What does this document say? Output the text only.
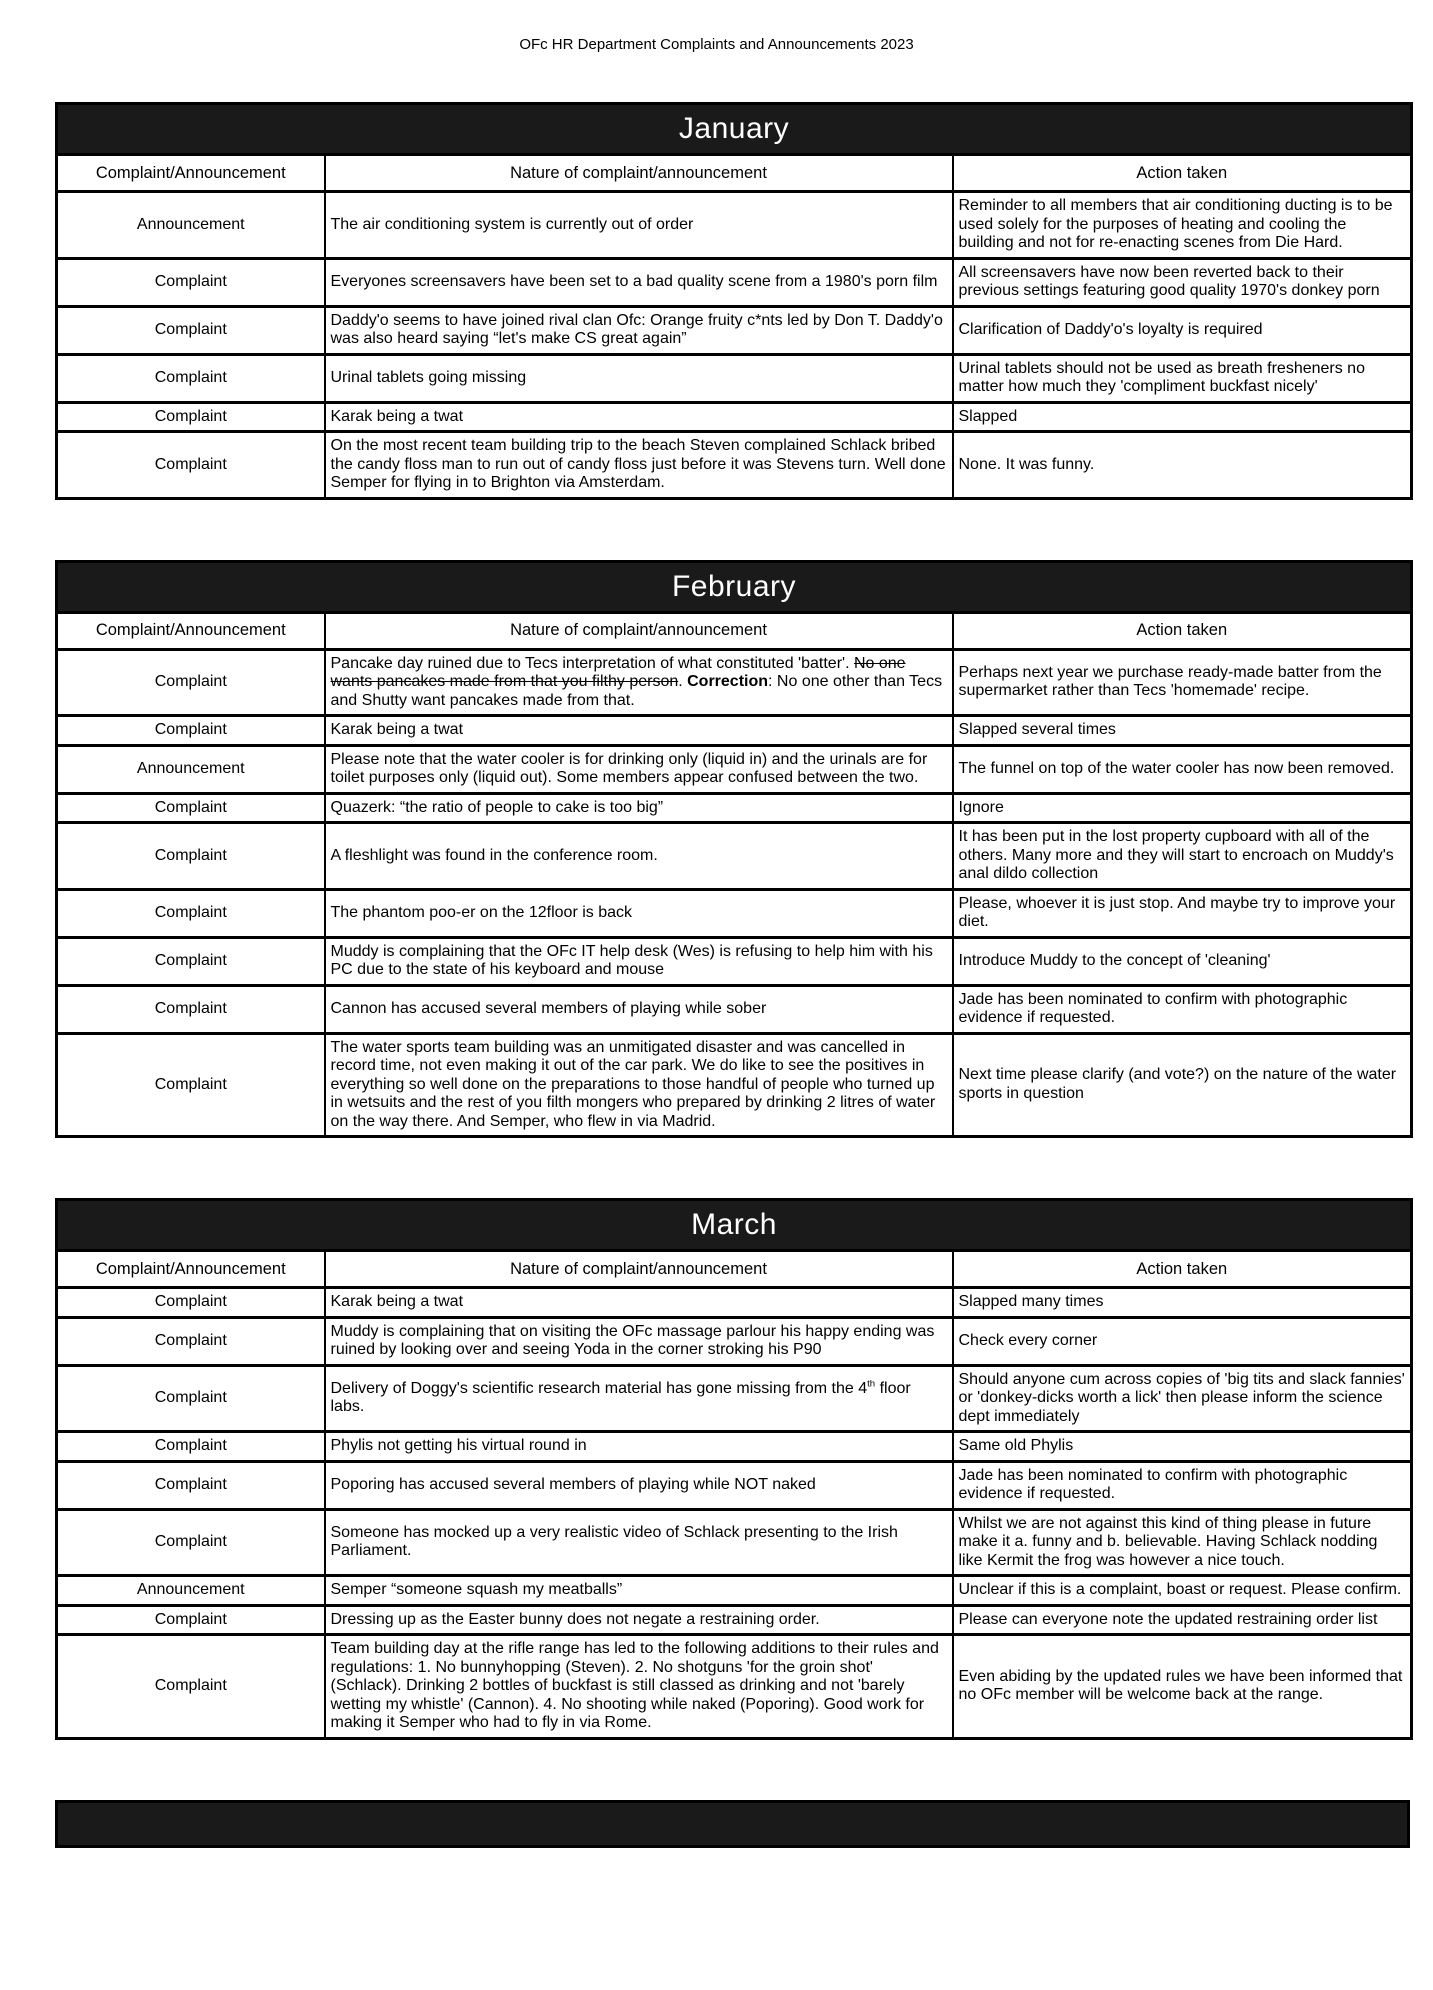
OFc HR Department Complaints and Announcements 2023
January		
Complaint/Announcement	Nature of complaint/announcement	Action taken
Announcement	The air conditioning system is currently out of order	Reminder to all members that air conditioning ducting is to be used solely for the purposes of heating and cooling the building and not for re-enacting scenes from Die Hard.
Complaint	Everyones screensavers have been set to a bad quality scene from a 1980's porn film	All screensavers have now been reverted back to their previous settings featuring good quality 1970's donkey porn
Complaint	Daddy'o seems to have joined rival clan Ofc: Orange fruity c*nts led by Don T. Daddy'o was also heard saying “let's make CS great again”	Clarification of Daddy'o's loyalty is required
Complaint	Urinal tablets going missing	Urinal tablets should not be used as breath fresheners no matter how much they 'compliment buckfast nicely'
Complaint	Karak being a twat	Slapped
Complaint	On the most recent team building trip to the beach Steven complained Schlack bribed the candy floss man to run out of candy floss just before it was Stevens turn. Well done Semper for flying in to Brighton via Amsterdam.	None. It was funny.
February		
Complaint/Announcement	Nature of complaint/announcement	Action taken
Complaint	Pancake day ruined due to Tecs interpretation of what constituted 'batter'. No one wants pancakes made from that you filthy person. Correction: No one other than Tecs and Shutty want pancakes made from that.	Perhaps next year we purchase ready-made batter from the supermarket rather than Tecs 'homemade' recipe.
Complaint	Karak being a twat	Slapped several times
Announcement	Please note that the water cooler is for drinking only (liquid in) and the urinals are for toilet purposes only (liquid out). Some members appear confused between the two.	The funnel on top of the water cooler has now been removed.
Complaint	Quazerk: “the ratio of people to cake is too big”	Ignore
Complaint	A fleshlight was found in the conference room.	It has been put in the lost property cupboard with all of the others. Many more and they will start to encroach on Muddy's anal dildo collection
Complaint	The phantom poo-er on the 12floor is back	Please, whoever it is just stop. And maybe try to improve your diet.
Complaint	Muddy is complaining that the OFc IT help desk (Wes) is refusing to help him with his PC due to the state of his keyboard and mouse	Introduce Muddy to the concept of 'cleaning'
Complaint	Cannon has accused several members of playing while sober	Jade has been nominated to confirm with photographic evidence if requested.
Complaint	The water sports team building was an unmitigated disaster and was cancelled in record time, not even making it out of the car park. We do like to see the positives in everything so well done on the preparations to those handful of people who turned up in wetsuits and the rest of you filth mongers who prepared by drinking 2 litres of water on the way there. And Semper, who flew in via Madrid.	Next time please clarify (and vote?) on the nature of the water sports in question
March		
Complaint/Announcement	Nature of complaint/announcement	Action taken
Complaint	Karak being a twat	Slapped many times
Complaint	Muddy is complaining that on visiting the OFc massage parlour his happy ending was ruined by looking over and seeing Yoda in the corner stroking his P90	Check every corner
Complaint	Delivery of Doggy's scientific research material has gone missing from the 4th floor labs.	Should anyone cum across copies of 'big tits and slack fannies' or 'donkey-dicks worth a lick' then please inform the science dept immediately
Complaint	Phylis not getting his virtual round in	Same old Phylis
Complaint	Poporing has accused several members of playing while NOT naked	Jade has been nominated to confirm with photographic evidence if requested.
Complaint	Someone has mocked up a very realistic video of Schlack presenting to the Irish Parliament.	Whilst we are not against this kind of thing please in future make it a. funny and b. believable. Having Schlack nodding like Kermit the frog was however a nice touch.
Announcement	Semper “someone squash my meatballs”	Unclear if this is a complaint, boast or request. Please confirm.
Complaint	Dressing up as the Easter bunny does not negate a restraining order.	Please can everyone note the updated restraining order list
Complaint	Team building day at the rifle range has led to the following additions to their rules and regulations: 1. No bunnyhopping (Steven). 2. No shotguns 'for the groin shot' (Schlack). Drinking 2 bottles of buckfast is still classed as drinking and not 'barely wetting my whistle' (Cannon). 4. No shooting while naked (Poporing). Good work for making it Semper who had to fly in via Rome.	Even abiding by the updated rules we have been informed that no OFc member will be welcome back at the range.
